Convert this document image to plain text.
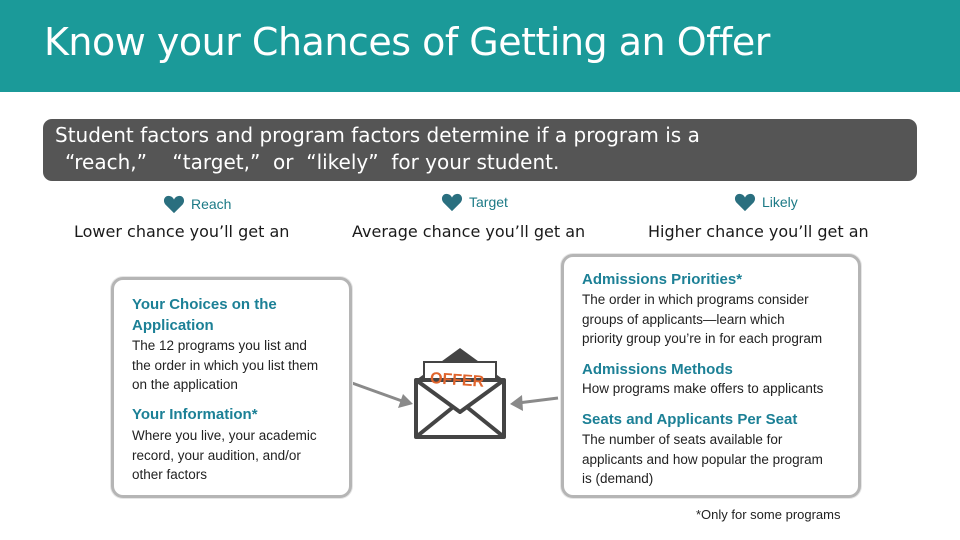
Know your Chances of Getting an Offer
Student factors and program factors determine if a program is a
“reach,”    “target,”  or  “likely”  for your student.
Reach	Target	Likely
Lower chance you’ll get an	Average chance you’ll get an	Higher chance you’ll get an
OFFER
Your Choices on the
Application
The 12 programs you list and
the order in which you list them
on the application
Your Information*
Where you live, your academic
record, your audition, and/or
other factors
Admissions Priorities*
The order in which programs consider
groups of applicants—learn which
priority group you’re in for each program
Admissions Methods
How programs make offers to applicants
Seats and Applicants Per Seat
The number of seats available for
applicants and how popular the program
is (demand)
*Only for some programs
